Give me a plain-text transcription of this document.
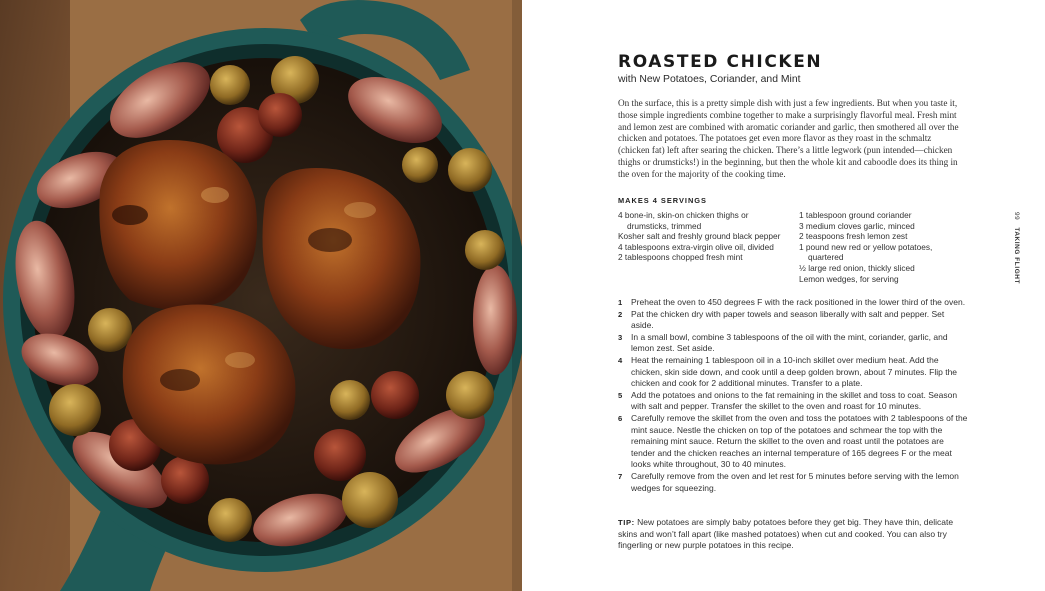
ROASTED CHICKEN
with New Potatoes, Coriander, and Mint

On the surface, this is a pretty simple dish with just a few ingredients. But when you taste it, those simple ingredients combine together to make a surprisingly flavorful meal. Fresh mint and lemon zest are combined with aromatic coriander and garlic, then smothered all over the chicken and potatoes. The potatoes get even more flavor as they roast in the schmaltz (chicken fat) left after searing the chicken. There’s a little legwork (pun intended—chicken thighs or drumsticks!) in the beginning, but then the whole kit and caboodle does its thing in the oven for the majority of the cooking time.

MAKES 4 SERVINGS
4 bone-in, skin-on chicken thighs or drumsticks, trimmed
Kosher salt and freshly ground black pepper
4 tablespoons extra-virgin olive oil, divided
2 tablespoons chopped fresh mint
1 tablespoon ground coriander
3 medium cloves garlic, minced
2 teaspoons fresh lemon zest
1 pound new red or yellow potatoes, quartered
½ large red onion, thickly sliced
Lemon wedges, for serving
1 Preheat the oven to 450 degrees F with the rack positioned in the lower third of the oven.
2 Pat the chicken dry with paper towels and season liberally with salt and pepper. Set aside.
3 In a small bowl, combine 3 tablespoons of the oil with the mint, coriander, garlic, and lemon zest. Set aside.
4 Heat the remaining 1 tablespoon oil in a 10-inch skillet over medium heat. Add the chicken, skin side down, and cook until a deep golden brown, about 7 minutes. Flip the chicken and cook for 2 additional minutes. Transfer to a plate.
5 Add the potatoes and onions to the fat remaining in the skillet and toss to coat. Season with salt and pepper. Transfer the skillet to the oven and roast for 10 minutes.
6 Carefully remove the skillet from the oven and toss the potatoes with 2 tablespoons of the mint sauce. Nestle the chicken on top of the potatoes and schmear the top with the remaining mint sauce. Return the skillet to the oven and roast until the potatoes are tender and the chicken reaches an internal temperature of 165 degrees F or the meat looks white throughout, 30 to 40 minutes.
7 Carefully remove from the oven and let rest for 5 minutes before serving with the lemon wedges for squeezing.

TIP: New potatoes are simply baby potatoes before they get big. They have thin, delicate skins and won’t fall apart (like mashed potatoes) when cut and cooked. You can also try fingerling or new purple potatoes in this recipe.

99TAKING FLIGHT
